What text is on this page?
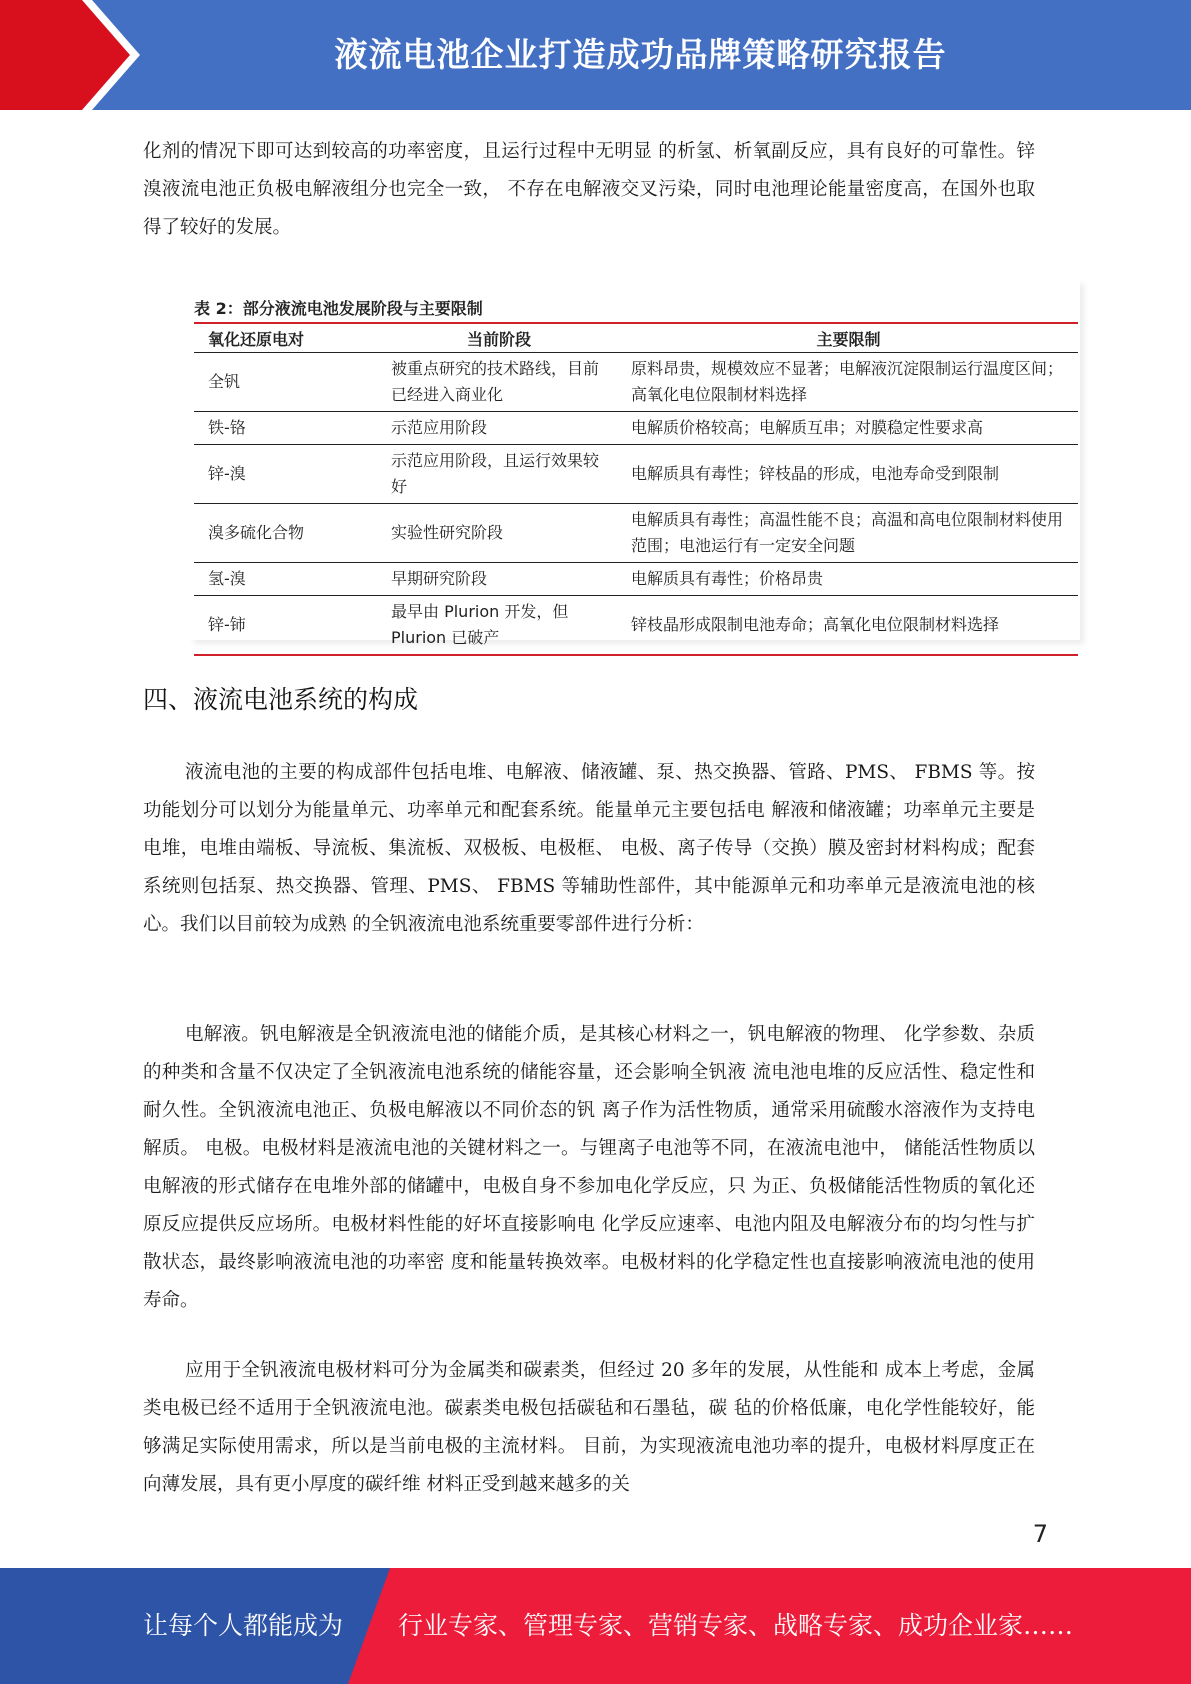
液流电池企业打造成功品牌策略研究报告

化剂的情况下即可达到较高的功率密度，且运行过程中无明显 的析氢、析氧副反应，具有良好的可靠性。锌溴液流电池正负极电解液组分也完全一致， 不存在电解液交叉污染，同时电池理论能量密度高，在国外也取得了较好的发展。

表 2：部分液流电池发展阶段与主要限制
氧化还原电对	当前阶段	主要限制
全钒	被重点研究的技术路线，目前已经进入商业化	原料昂贵，规模效应不显著；电解液沉淀限制运行温度区间；高氧化电位限制材料选择
铁-铬	示范应用阶段	电解质价格较高；电解质互串；对膜稳定性要求高
锌-溴	示范应用阶段，且运行效果较好	电解质具有毒性；锌枝晶的形成，电池寿命受到限制
溴多硫化合物	实验性研究阶段	电解质具有毒性；高温性能不良；高温和高电位限制材料使用范围；电池运行有一定安全问题
氢-溴	早期研究阶段	电解质具有毒性；价格昂贵
锌-铈	最早由 Plurion 开发，但 Plurion 已破产	锌枝晶形成限制电池寿命；高氧化电位限制材料选择
四、液流电池系统的构成

液流电池的主要的构成部件包括电堆、电解液、储液罐、泵、热交换器、管路、PMS、 FBMS 等。按功能划分可以划分为能量单元、功率单元和配套系统。能量单元主要包括电 解液和储液罐；功率单元主要是电堆，电堆由端板、导流板、集流板、双极板、电极框、 电极、离子传导（交换）膜及密封材料构成；配套系统则包括泵、热交换器、管理、PMS、 FBMS 等辅助性部件，其中能源单元和功率单元是液流电池的核心。我们以目前较为成熟 的全钒液流电池系统重要零部件进行分析：

电解液。钒电解液是全钒液流电池的储能介质，是其核心材料之一，钒电解液的物理、 化学参数、杂质的种类和含量不仅决定了全钒液流电池系统的储能容量，还会影响全钒液 流电池电堆的反应活性、稳定性和耐久性。全钒液流电池正、负极电解液以不同价态的钒 离子作为活性物质，通常采用硫酸水溶液作为支持电解质。 电极。电极材料是液流电池的关键材料之一。与锂离子电池等不同，在液流电池中， 储能活性物质以电解液的形式储存在电堆外部的储罐中，电极自身不参加电化学反应，只 为正、负极储能活性物质的氧化还原反应提供反应场所。电极材料性能的好坏直接影响电 化学反应速率、电池内阻及电解液分布的均匀性与扩散状态，最终影响液流电池的功率密 度和能量转换效率。电极材料的化学稳定性也直接影响液流电池的使用寿命。

应用于全钒液流电极材料可分为金属类和碳素类，但经过 20 多年的发展，从性能和 成本上考虑，金属类电极已经不适用于全钒液流电池。碳素类电极包括碳毡和石墨毡，碳 毡的价格低廉，电化学性能较好，能够满足实际使用需求，所以是当前电极的主流材料。 目前，为实现液流电池功率的提升，电极材料厚度正在向薄发展，具有更小厚度的碳纤维 材料正受到越来越多的关

7
让每个人都能成为 行业专家、管理专家、营销专家、战略专家、成功企业家……
